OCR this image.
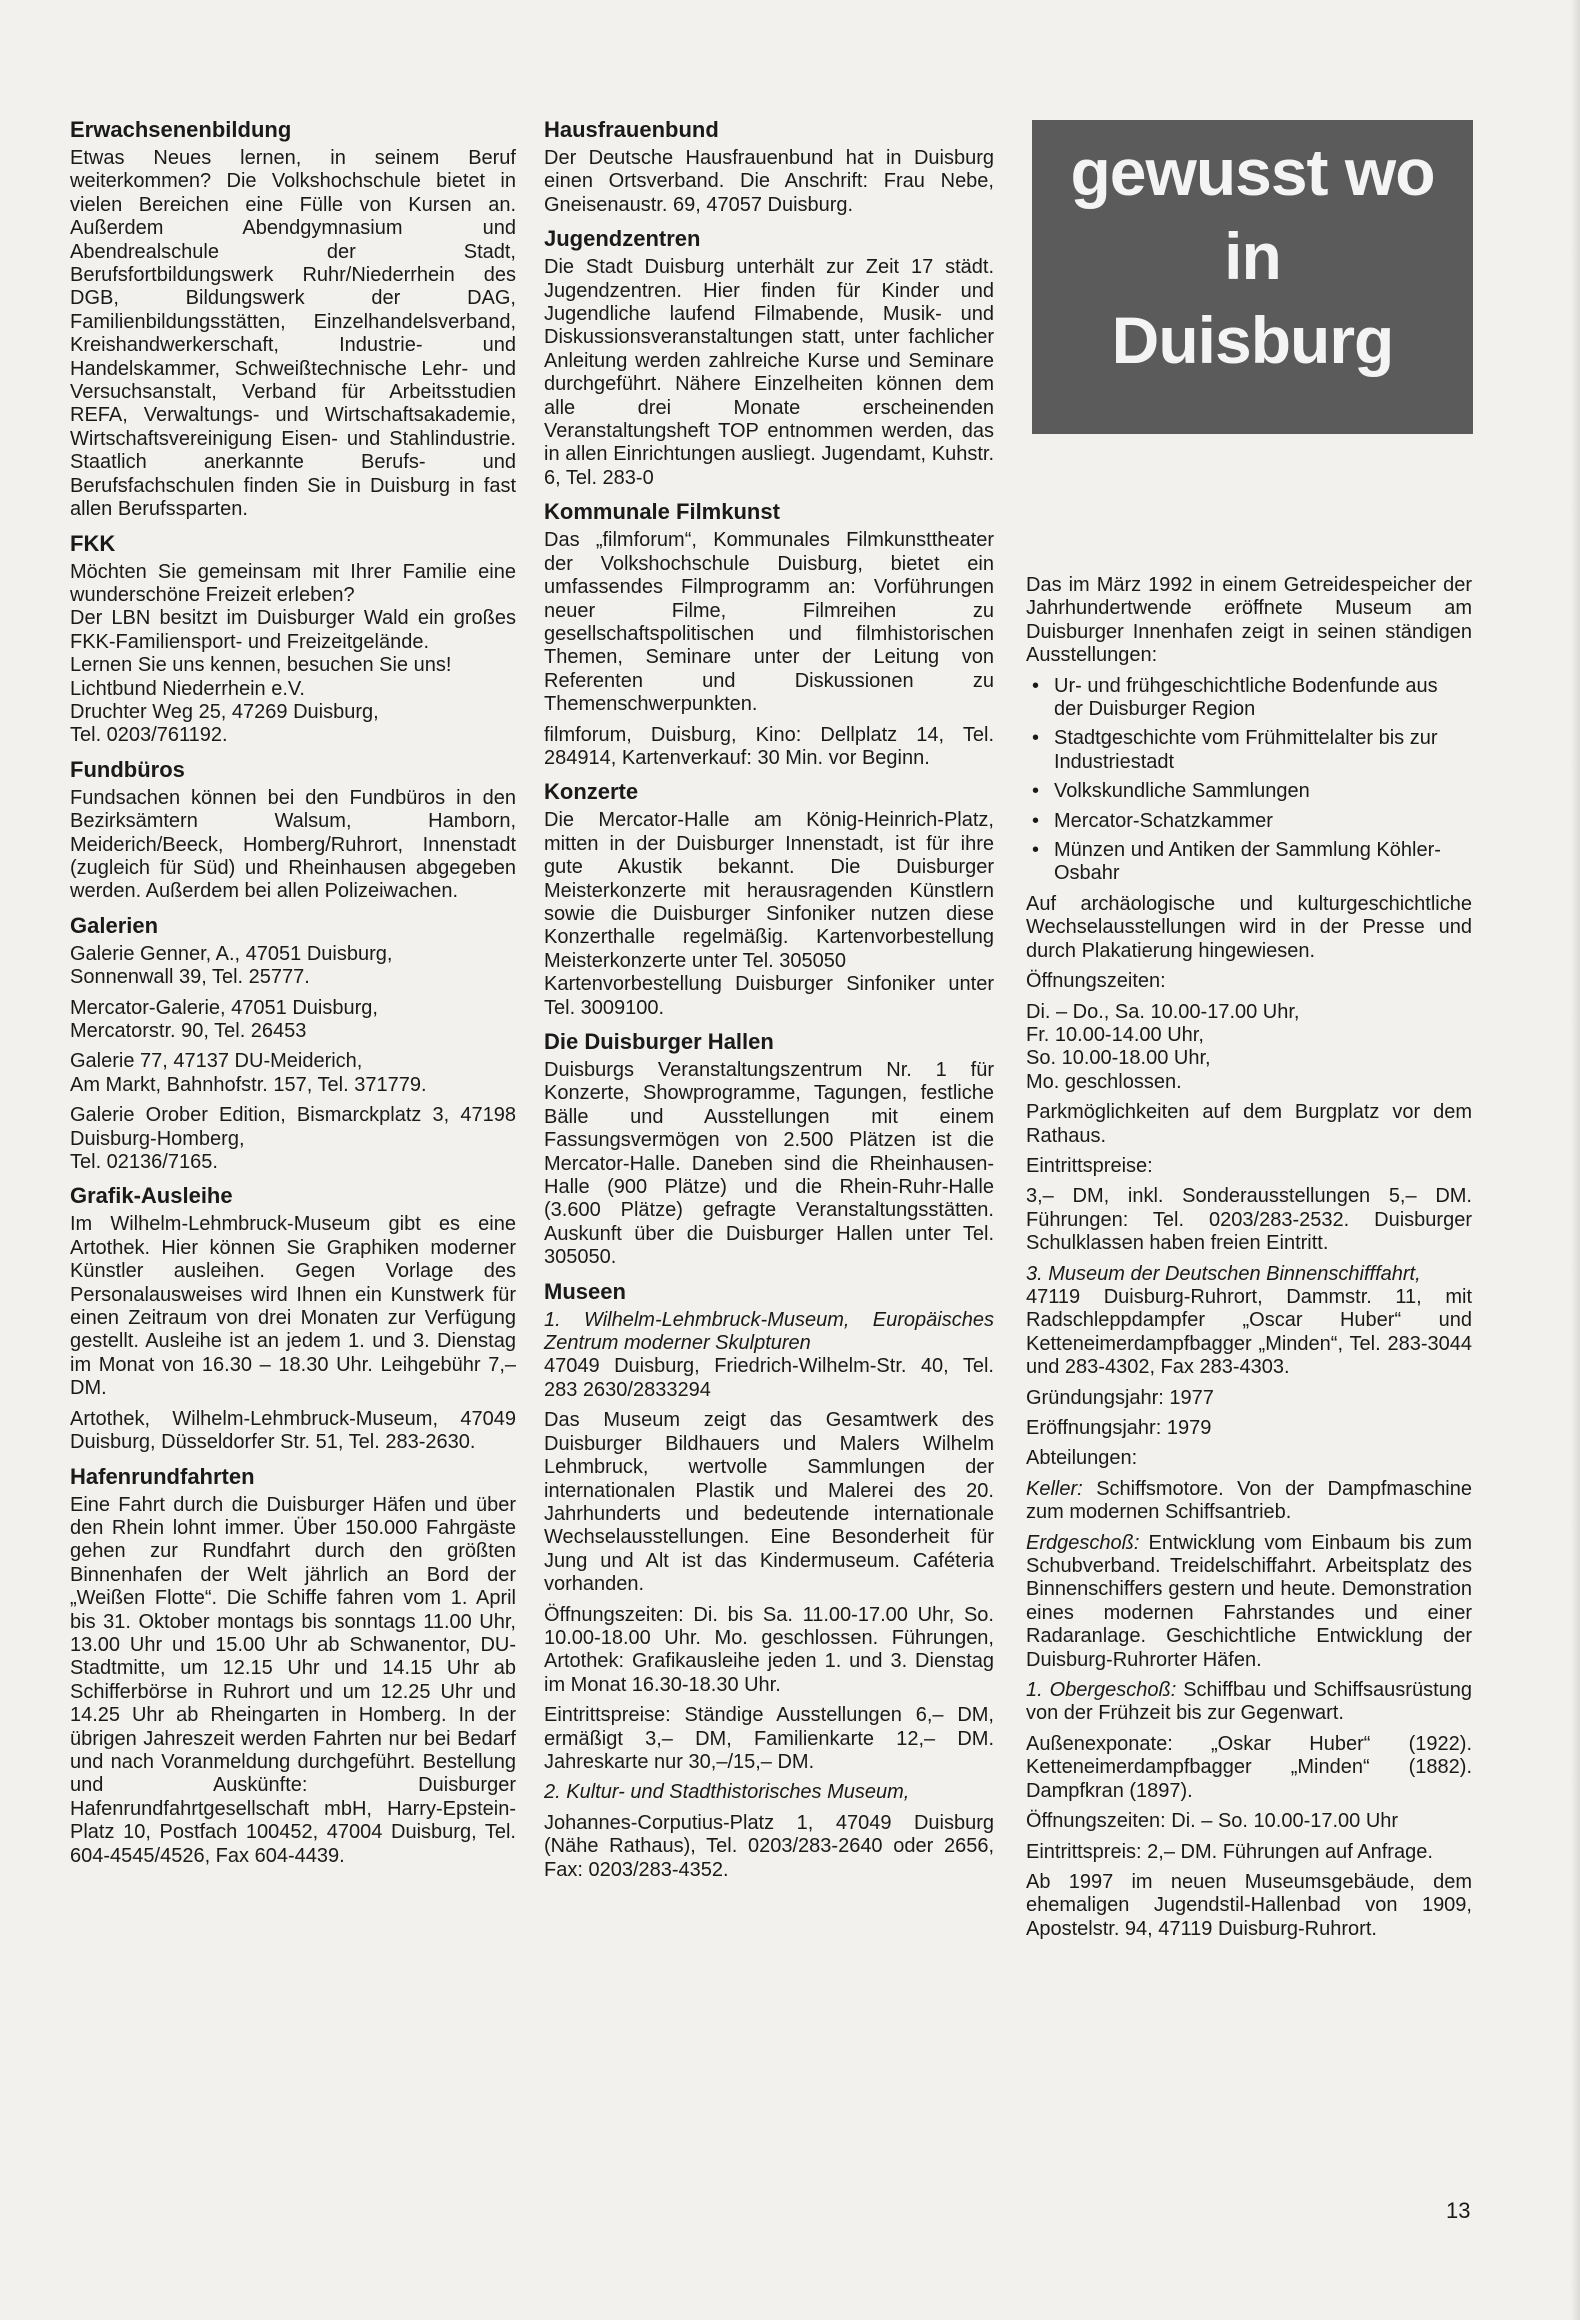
Erwachsenenbildung

Etwas Neues lernen, in seinem Beruf weiterkommen? Die Volkshochschule bietet in vielen Bereichen eine Fülle von Kursen an. Außerdem Abendgymnasium und Abendrealschule der Stadt, Berufsfortbildungswerk Ruhr/Niederrhein des DGB, Bildungswerk der DAG, Familienbildungsstätten, Einzelhandelsverband, Kreishandwerkerschaft, Industrie- und Handelskammer, Schweißtechnische Lehr- und Versuchsanstalt, Verband für Arbeitsstudien REFA, Verwaltungs- und Wirtschaftsakademie, Wirtschaftsvereinigung Eisen- und Stahlindustrie. Staatlich anerkannte Berufs- und Berufsfachschulen finden Sie in Duisburg in fast allen Berufssparten.

FKK

Möchten Sie gemeinsam mit Ihrer Familie eine wunderschöne Freizeit erleben?

Der LBN besitzt im Duisburger Wald ein großes FKK-Familiensport- und Freizeitgelände.

Lernen Sie uns kennen, besuchen Sie uns!

Lichtbund Niederrhein e.V.

Druchter Weg 25, 47269 Duisburg,

Tel. 0203/761192.

Fundbüros

Fundsachen können bei den Fundbüros in den Bezirksämtern Walsum, Hamborn, Meiderich/Beeck, Homberg/Ruhrort, Innenstadt (zugleich für Süd) und Rheinhausen abgegeben werden. Außerdem bei allen Polizeiwachen.

Galerien

Galerie Genner, A., 47051 Duisburg,

Sonnenwall 39, Tel. 25777.

Mercator-Galerie, 47051 Duisburg,

Mercatorstr. 90, Tel. 26453

Galerie 77, 47137 DU-Meiderich,

Am Markt, Bahnhofstr. 157, Tel. 371779.

Galerie Orober Edition, Bismarckplatz 3, 47198 Duisburg-Homberg,

Tel. 02136/7165.

Grafik-Ausleihe

Im Wilhelm-Lehmbruck-Museum gibt es eine Artothek. Hier können Sie Graphiken moderner Künstler ausleihen. Gegen Vorlage des Personalausweises wird Ihnen ein Kunstwerk für einen Zeitraum von drei Monaten zur Verfügung gestellt. Ausleihe ist an jedem 1. und 3. Dienstag im Monat von 16.30 – 18.30 Uhr. Leihgebühr 7,– DM.

Artothek, Wilhelm-Lehmbruck-Museum, 47049 Duisburg, Düsseldorfer Str. 51, Tel. 283-2630.

Hafenrundfahrten

Eine Fahrt durch die Duisburger Häfen und über den Rhein lohnt immer. Über 150.000 Fahrgäste gehen zur Rundfahrt durch den größten Binnenhafen der Welt jährlich an Bord der „Weißen Flotte“. Die Schiffe fahren vom 1. April bis 31. Oktober montags bis sonntags 11.00 Uhr, 13.00 Uhr und 15.00 Uhr ab Schwanentor, DU-Stadtmitte, um 12.15 Uhr und 14.15 Uhr ab Schifferbörse in Ruhrort und um 12.25 Uhr und 14.25 Uhr ab Rheingarten in Homberg. In der übrigen Jahreszeit werden Fahrten nur bei Bedarf und nach Voranmeldung durchgeführt. Bestellung und Auskünfte: Duisburger Hafenrundfahrtgesellschaft mbH, Harry-Epstein-Platz 10, Postfach 100452, 47004 Duisburg, Tel. 604-4545/4526, Fax 604-4439.

Hausfrauenbund

Der Deutsche Hausfrauenbund hat in Duisburg einen Ortsverband. Die Anschrift: Frau Nebe, Gneisenaustr. 69, 47057 Duisburg.

Jugendzentren

Die Stadt Duisburg unterhält zur Zeit 17 städt. Jugendzentren. Hier finden für Kinder und Jugendliche laufend Filmabende, Musik- und Diskussionsveranstaltungen statt, unter fachlicher Anleitung werden zahlreiche Kurse und Seminare durchgeführt. Nähere Einzelheiten können dem alle drei Monate erscheinenden Veranstaltungsheft TOP entnommen werden, das in allen Einrichtungen ausliegt. Jugendamt, Kuhstr. 6, Tel. 283-0

Kommunale Filmkunst

Das „filmforum“, Kommunales Filmkunsttheater der Volkshochschule Duisburg, bietet ein umfassendes Filmprogramm an: Vorführungen neuer Filme, Filmreihen zu gesellschaftspolitischen und filmhistorischen Themen, Seminare unter der Leitung von Referenten und Diskussionen zu Themenschwerpunkten.

filmforum, Duisburg, Kino: Dellplatz 14, Tel. 284914, Kartenverkauf: 30 Min. vor Beginn.

Konzerte

Die Mercator-Halle am König-Heinrich-Platz, mitten in der Duisburger Innenstadt, ist für ihre gute Akustik bekannt. Die Duisburger Meisterkonzerte mit herausragenden Künstlern sowie die Duisburger Sinfoniker nutzen diese Konzerthalle regelmäßig. Kartenvorbestellung Meisterkonzerte unter Tel. 305050

Kartenvorbestellung Duisburger Sinfoniker unter Tel. 3009100.

Die Duisburger Hallen

Duisburgs Veranstaltungszentrum Nr. 1 für Konzerte, Showprogramme, Tagungen, festliche Bälle und Ausstellungen mit einem Fassungsvermögen von 2.500 Plätzen ist die Mercator-Halle. Daneben sind die Rheinhausen-Halle (900 Plätze) und die Rhein-Ruhr-Halle (3.600 Plätze) gefragte Veranstaltungsstätten. Auskunft über die Duisburger Hallen unter Tel. 305050.

Museen

1. Wilhelm-Lehmbruck-Museum, Europäisches Zentrum moderner Skulpturen

47049 Duisburg, Friedrich-Wilhelm-Str. 40, Tel. 283 2630/2833294

Das Museum zeigt das Gesamtwerk des Duisburger Bildhauers und Malers Wilhelm Lehmbruck, wertvolle Sammlungen der internationalen Plastik und Malerei des 20. Jahrhunderts und bedeutende internationale Wechselausstellungen. Eine Besonderheit für Jung und Alt ist das Kindermuseum. Caféteria vorhanden.

Öffnungszeiten: Di. bis Sa. 11.00-17.00 Uhr, So. 10.00-18.00 Uhr. Mo. geschlossen. Führungen, Artothek: Grafikausleihe jeden 1. und 3. Dienstag im Monat 16.30-18.30 Uhr.

Eintrittspreise: Ständige Ausstellungen 6,– DM, ermäßigt 3,– DM, Familienkarte 12,– DM. Jahreskarte nur 30,–/15,– DM.

2. Kultur- und Stadthistorisches Museum,

Johannes-Corputius-Platz 1, 47049 Duisburg (Nähe Rathaus), Tel. 0203/283-2640 oder 2656, Fax: 0203/283-4352.

gewusst wo
in
Duisburg

Das im März 1992 in einem Getreidespeicher der Jahrhundertwende eröffnete Museum am Duisburger Innenhafen zeigt in seinen ständigen Ausstellungen:

• Ur- und frühgeschichtliche Bodenfunde aus der Duisburger Region
• Stadtgeschichte vom Frühmittelalter bis zur Industriestadt
• Volkskundliche Sammlungen
• Mercator-Schatzkammer
• Münzen und Antiken der Sammlung Köhler-Osbahr

Auf archäologische und kulturgeschichtliche Wechselausstellungen wird in der Presse und durch Plakatierung hingewiesen.

Öffnungszeiten:

Di. – Do., Sa. 10.00-17.00 Uhr,

Fr. 10.00-14.00 Uhr,

So. 10.00-18.00 Uhr,

Mo. geschlossen.

Parkmöglichkeiten auf dem Burgplatz vor dem Rathaus.

Eintrittspreise:

3,– DM, inkl. Sonderausstellungen 5,– DM. Führungen: Tel. 0203/283-2532. Duisburger Schulklassen haben freien Eintritt.

3. Museum der Deutschen Binnenschifffahrt,

47119 Duisburg-Ruhrort, Dammstr. 11, mit Radschleppdampfer „Oscar Huber“ und Ketteneimerdampfbagger „Minden“, Tel. 283-3044 und 283-4302, Fax 283-4303.

Gründungsjahr: 1977

Eröffnungsjahr: 1979

Abteilungen:

Keller: Schiffsmotore. Von der Dampfmaschine zum modernen Schiffsantrieb.

Erdgeschoß: Entwicklung vom Einbaum bis zum Schubverband. Treidelschiffahrt. Arbeitsplatz des Binnenschiffers gestern und heute. Demonstration eines modernen Fahrstandes und einer Radaranlage. Geschichtliche Entwicklung der Duisburg-Ruhrorter Häfen.

1. Obergeschoß: Schiffbau und Schiffsausrüstung von der Frühzeit bis zur Gegenwart.

Außenexponate: „Oskar Huber“ (1922). Ketteneimerdampfbagger „Minden“ (1882). Dampfkran (1897).

Öffnungszeiten: Di. – So. 10.00-17.00 Uhr

Eintrittspreis: 2,– DM. Führungen auf Anfrage.

Ab 1997 im neuen Museumsgebäude, dem ehemaligen Jugendstil-Hallenbad von 1909, Apostelstr. 94, 47119 Duisburg-Ruhrort.

13
